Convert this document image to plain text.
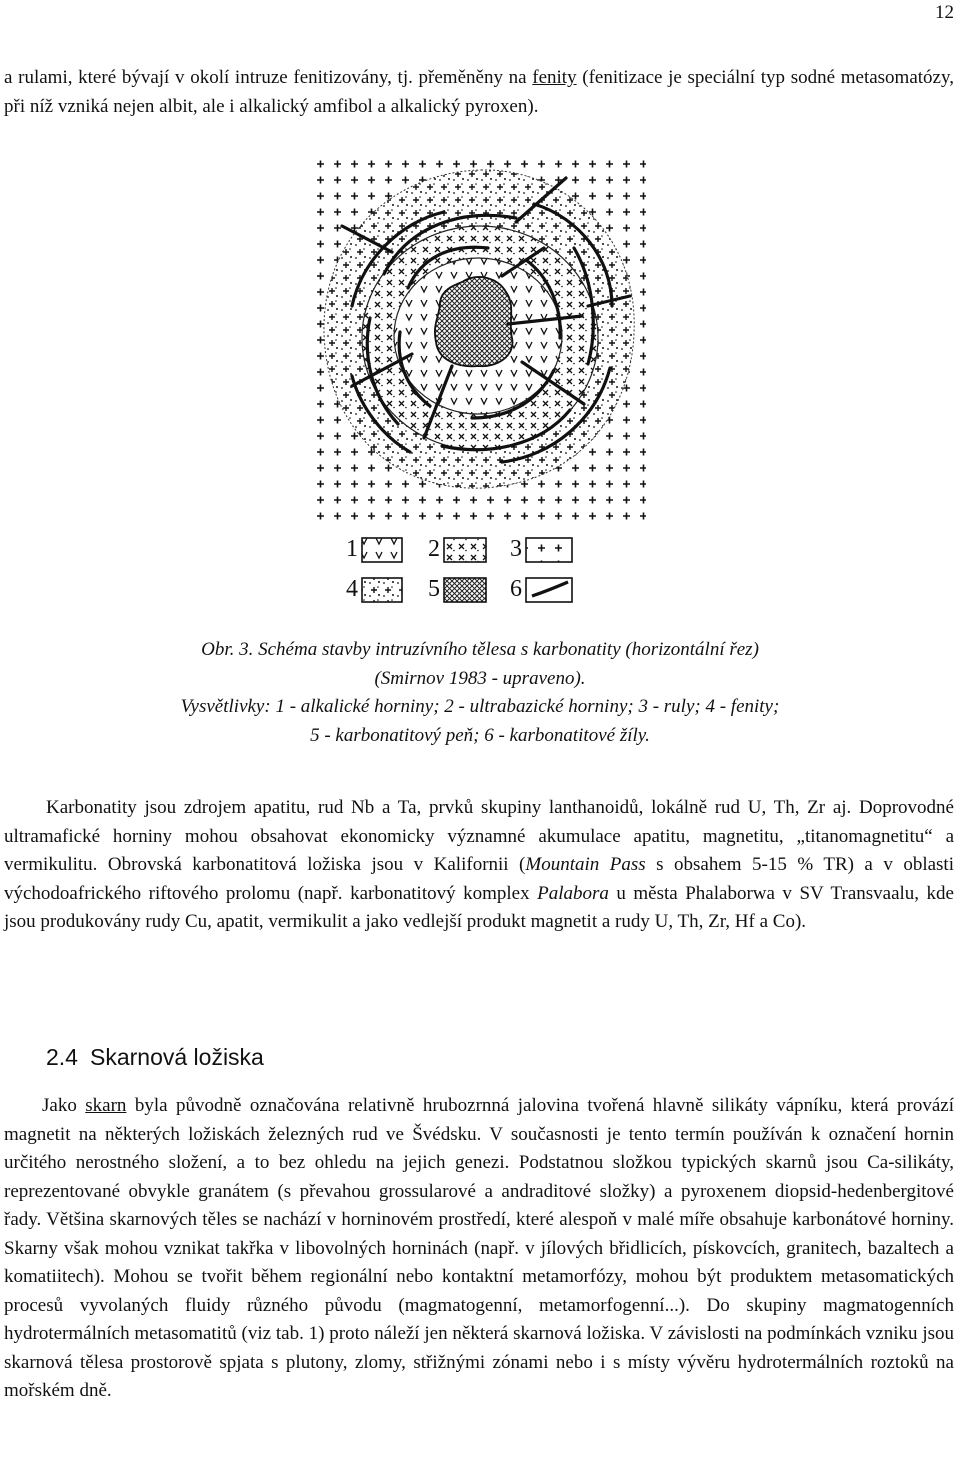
12

a rulami, které bývají v okolí intruze fenitizovány, tj. přeměněny na fenity (fenitizace je speciální typ sodné metasomatózy, při níž vzniká nejen albit, ale i alkalický amfibol a alkalický pyroxen).

1	2	3
4	5	6
Obr. 3. Schéma stavby intruzívního tělesa s karbonatity (horizontální řez)
(Smirnov 1983 - upraveno).
Vysvětlivky: 1 - alkalické horniny; 2 - ultrabazické horniny; 3 - ruly; 4 - fenity;
5 - karbonatitový peň; 6 - karbonatitové žíly.

Karbonatity jsou zdrojem apatitu, rud Nb a Ta, prvků skupiny lanthanoidů, lokálně rud U, Th, Zr aj. Doprovodné ultramafické horniny mohou obsahovat ekonomicky významné akumulace apatitu, magnetitu, „titanomagnetitu“ a vermikulitu. Obrovská karbonatitová ložiska jsou v Kalifornii (Mountain Pass s obsahem 5-15 % TR) a v oblasti východoafrického riftového prolomu (např. karbonatitový komplex Palabora u města Phalaborwa v SV Transvaalu, kde jsou produkovány rudy Cu, apatit, vermikulit a jako vedlejší produkt magnetit a rudy U, Th, Zr, Hf a Co).

2.4 Skarnová ložiska

Jako skarn byla původně označována relativně hrubozrnná jalovina tvořená hlavně silikáty vápníku, která provází magnetit na některých ložiskách železných rud ve Švédsku. V současnosti je tento termín používán k označení hornin určitého nerostného složení, a to bez ohledu na jejich genezi. Podstatnou složkou typických skarnů jsou Ca-silikáty, reprezentované obvykle granátem (s převahou grossularové a andraditové složky) a pyroxenem diopsid-hedenbergitové řady. Většina skarnových těles se nachází v horninovém prostředí, které alespoň v malé míře obsahuje karbonátové horniny. Skarny však mohou vznikat takřka v libovolných horninách (např. v jílových břidlicích, pískovcích, granitech, bazaltech a komatiitech). Mohou se tvořit během regionální nebo kontaktní metamorfózy, mohou být produktem metasomatických procesů vyvolaných fluidy různého původu (magmatogenní, metamorfogenní...). Do skupiny magmatogenních hydrotermálních metasomatitů (viz tab. 1) proto náleží jen některá skarnová ložiska. V závislosti na podmínkách vzniku jsou skarnová tělesa prostorově spjata s plutony, zlomy, střižnými zónami nebo i s místy vývěru hydrotermálních roztoků na mořském dně.
